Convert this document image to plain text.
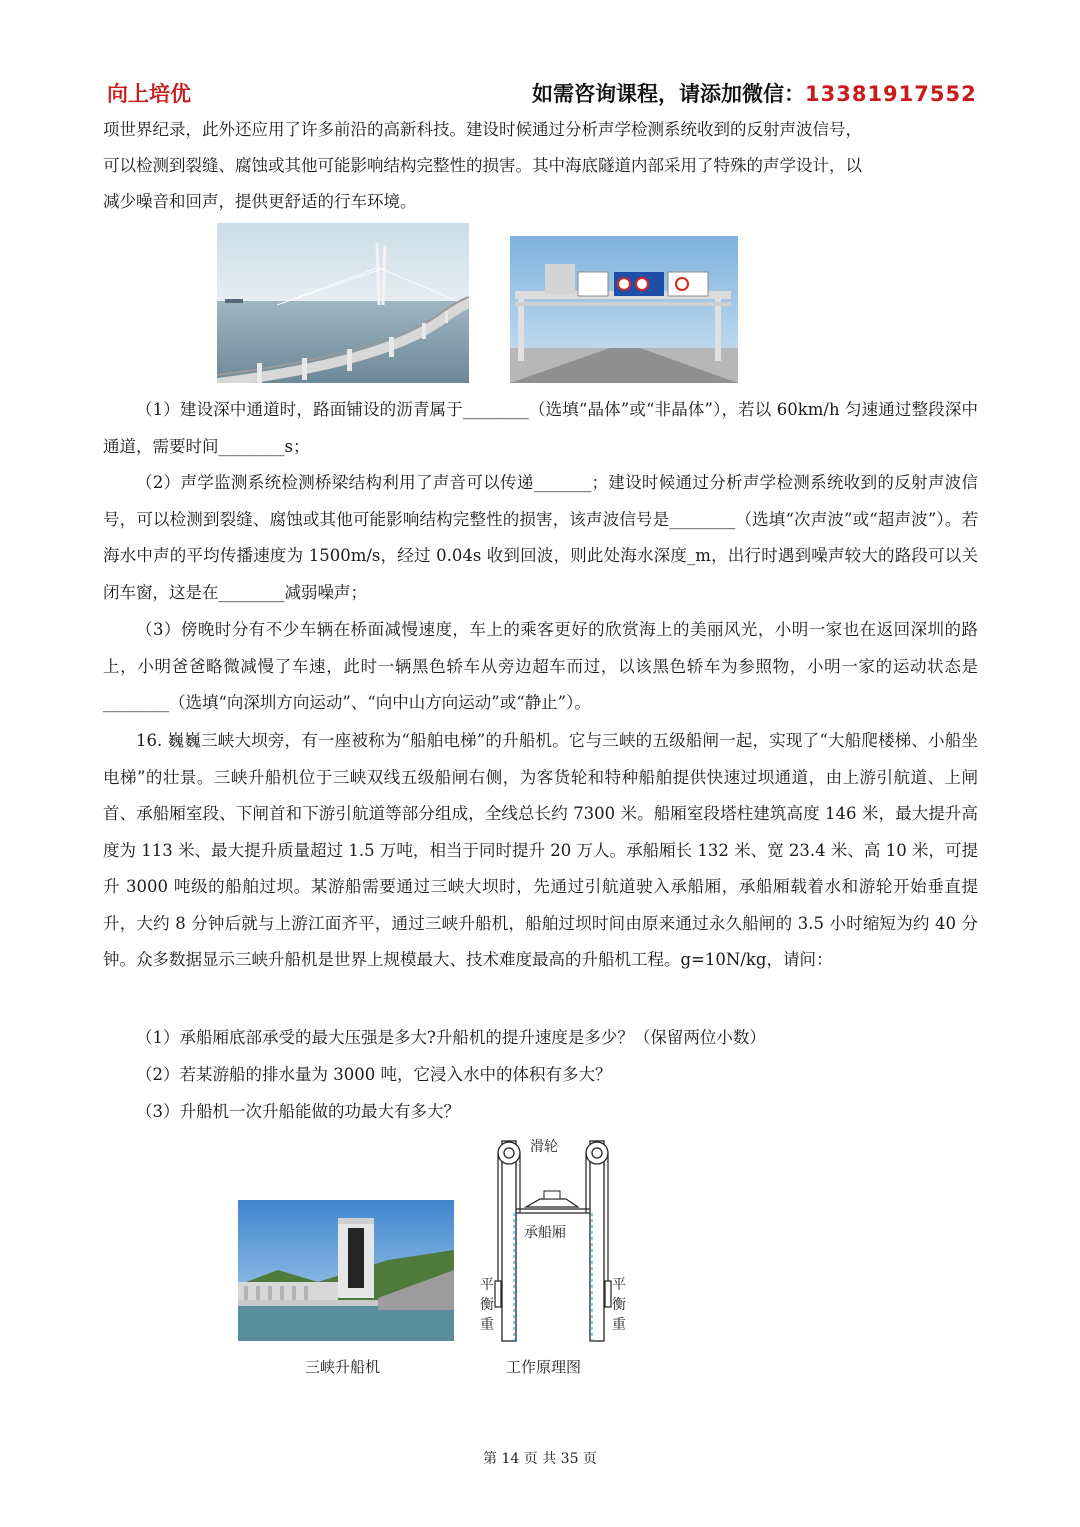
向上培优	如需咨询课程，请添加微信：13381917552
项世界纪录，此外还应用了许多前沿的高新科技。建设时候通过分析声学检测系统收到的反射声波信号，
可以检测到裂缝、腐蚀或其他可能影响结构完整性的损害。其中海底隧道内部采用了特殊的声学设计，以
减少噪音和回声，提供更舒适的行车环境。
（1）建设深中通道时，路面铺设的沥青属于________（选填“晶体”或“非晶体”），若以 60km/h 匀速通过整段深中通道，需要时间________s；
（2）声学监测系统检测桥梁结构利用了声音可以传递_______；建设时候通过分析声学检测系统收到的反射声波信号，可以检测到裂缝、腐蚀或其他可能影响结构完整性的损害，该声波信号是________（选填“次声波”或“超声波”）。若海水中声的平均传播速度为 1500m/s，经过 0.04s 收到回波，则此处海水深度_m，出行时遇到噪声较大的路段可以关闭车窗，这是在________减弱噪声；
（3）傍晚时分有不少车辆在桥面减慢速度，车上的乘客更好的欣赏海上的美丽风光，小明一家也在返回深圳的路上，小明爸爸略微减慢了车速，此时一辆黑色轿车从旁边超车而过，以该黑色轿车为参照物，小明一家的运动状态是________（选填“向深圳方向运动”、“向中山方向运动”或“静止”）。
16. 巍巍三峡大坝旁，有一座被称为“船舶电梯”的升船机。它与三峡的五级船闸一起，实现了“大船爬楼梯、小船坐电梯”的壮景。三峡升船机位于三峡双线五级船闸右侧，为客货轮和特种船舶提供快速过坝通道，由上游引航道、上闸首、承船厢室段、下闸首和下游引航道等部分组成，全线总长约 7300 米。船厢室段塔柱建筑高度 146 米，最大提升高度为 113 米、最大提升质量超过 1.5 万吨，相当于同时提升 20 万人。承船厢长 132 米、宽 23.4 米、高 10 米，可提升 3000 吨级的船舶过坝。某游船需要通过三峡大坝时，先通过引航道驶入承船厢，承船厢载着水和游轮开始垂直提升，大约 8 分钟后就与上游江面齐平，通过三峡升船机，船舶过坝时间由原来通过永久船闸的 3.5 小时缩短为约 40 分钟。众多数据显示三峡升船机是世界上规模最大、技术难度最高的升船机工程。g=10N/kg，请问：
（1）承船厢底部承受的最大压强是多大?升船机的提升速度是多少？（保留两位小数）
（2）若某游船的排水量为 3000 吨，它浸入水中的体积有多大？
（3）升船机一次升船能做的功最大有多大？
滑轮
承船厢
平
衡
重
平
衡
重
三峡升船机	工作原理图
第 14 页 共 35 页
